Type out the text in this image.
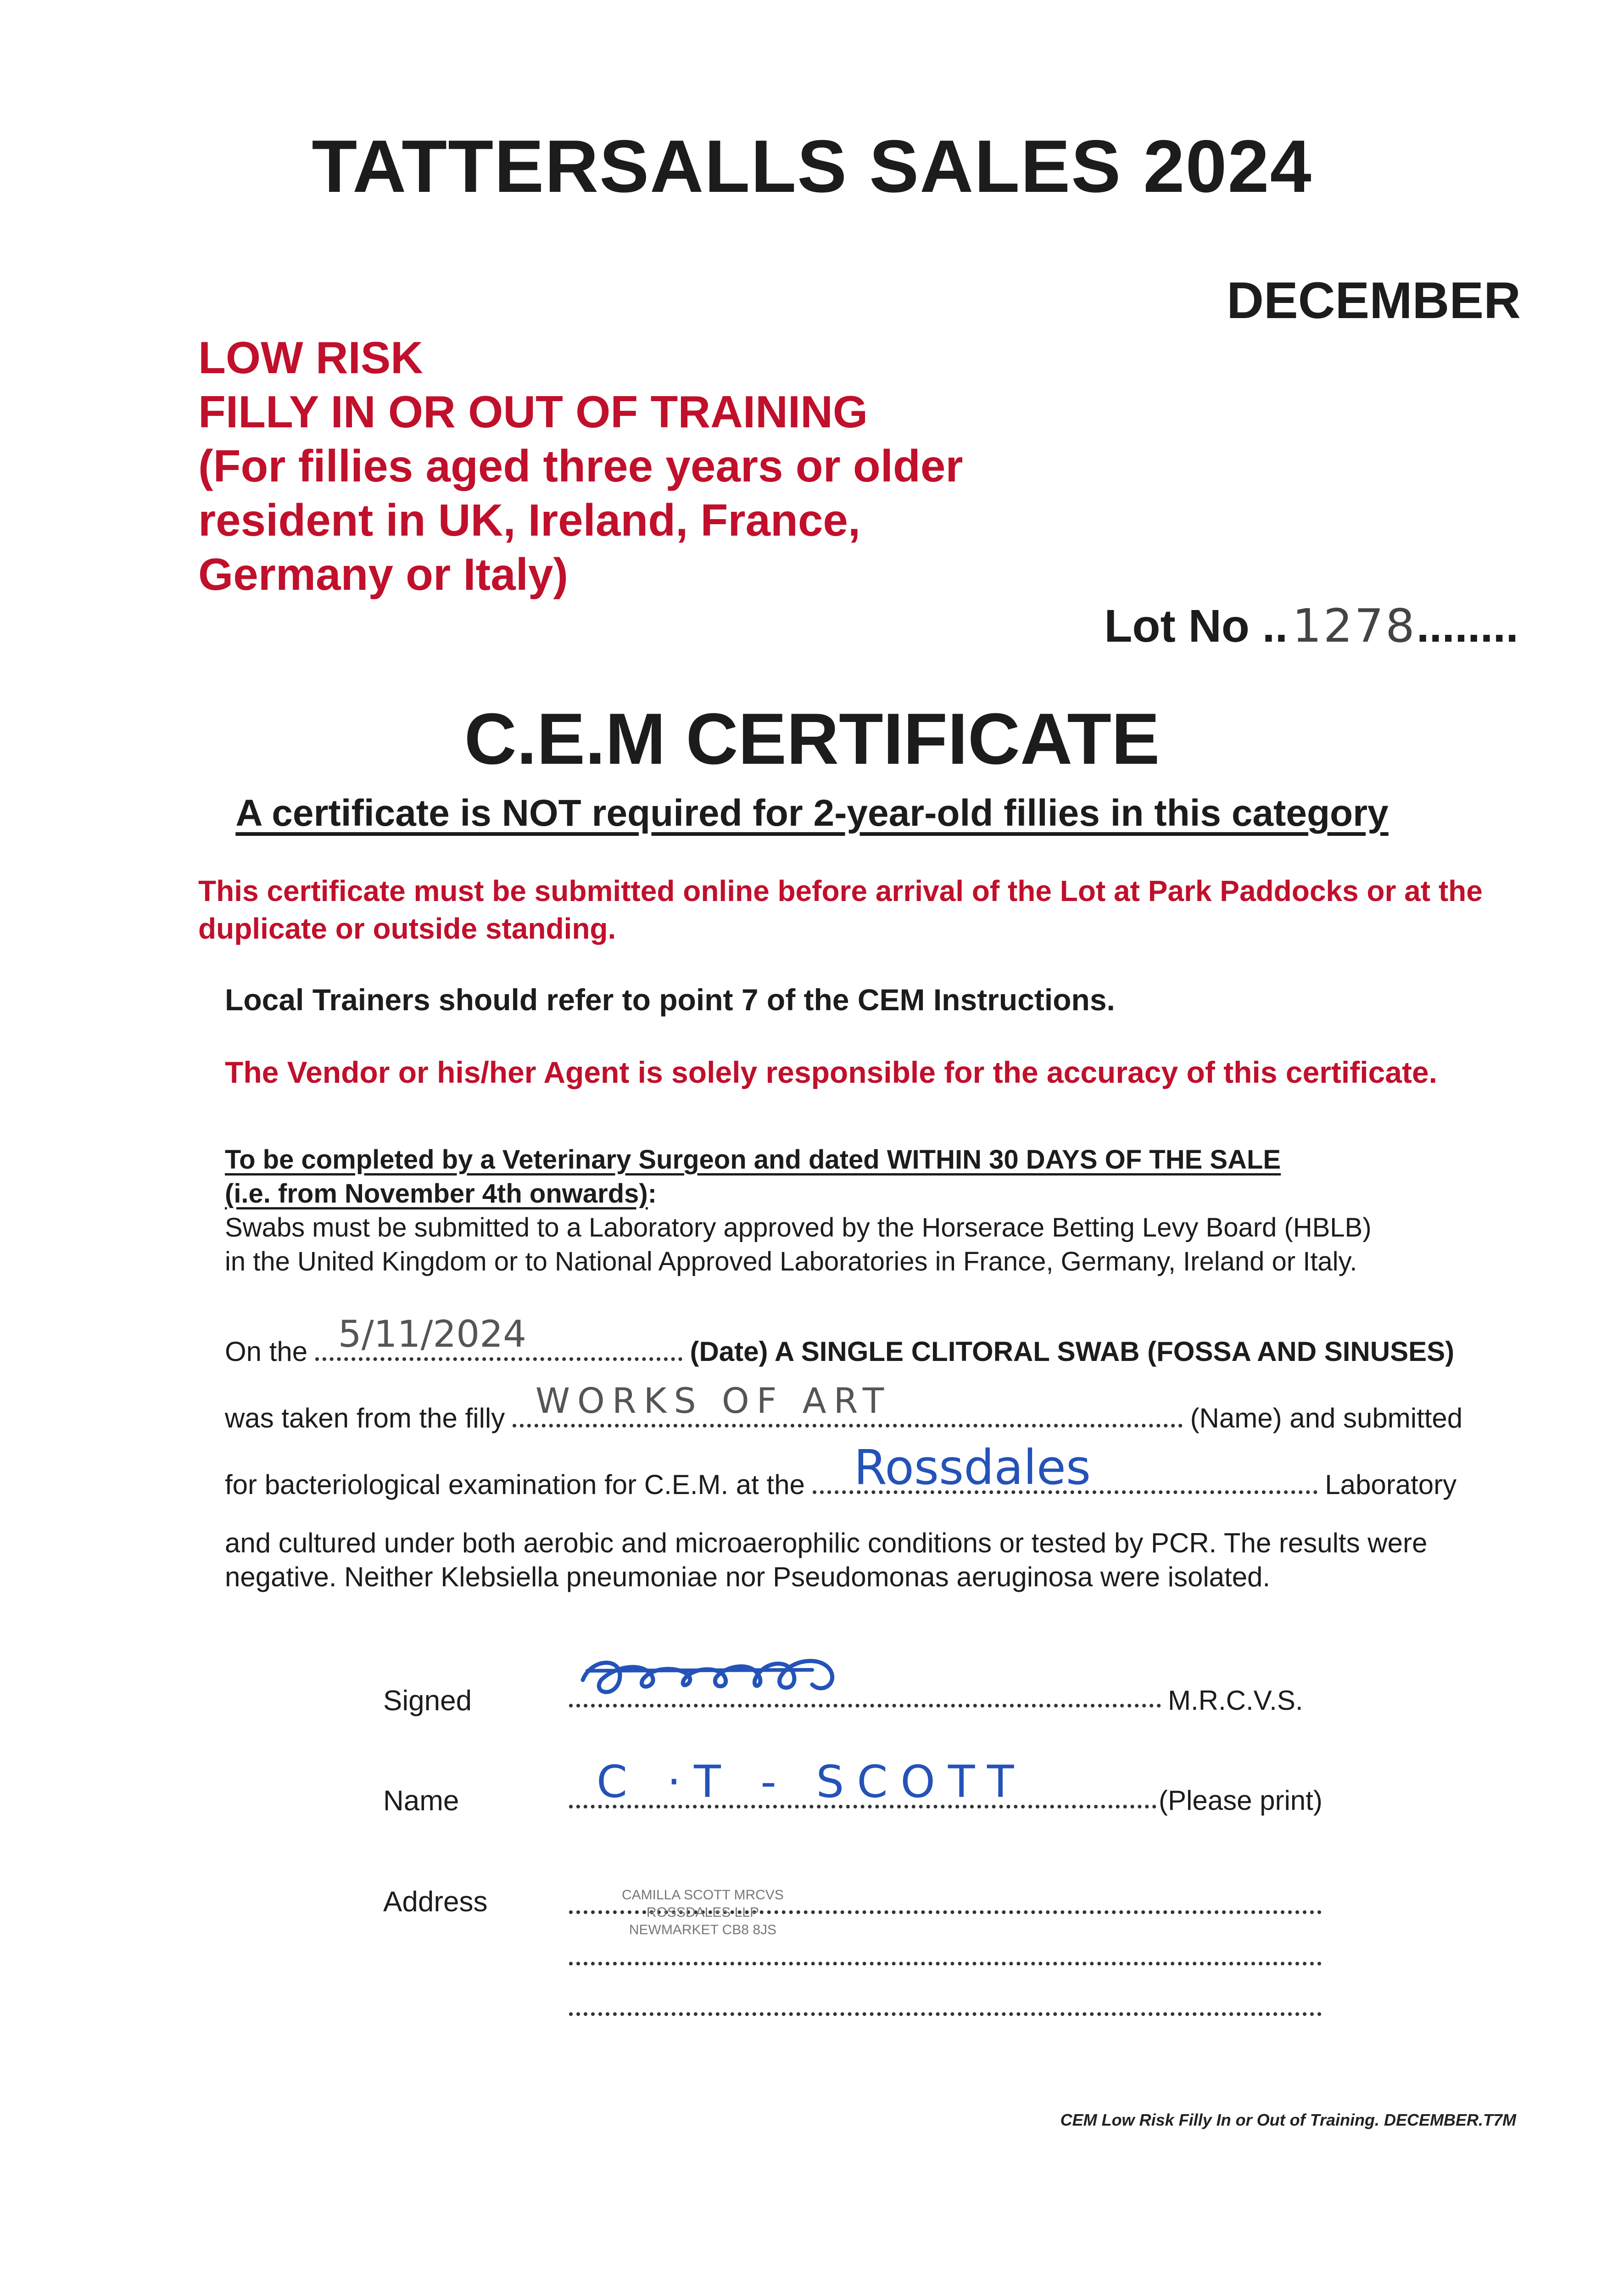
TATTERSALLS SALES 2024
DECEMBER
LOW RISK
FILLY IN OR OUT OF TRAINING
(For fillies aged three years or older
resident in UK, Ireland, France,
Germany or Italy)
Lot No .. 1278........
C.E.M CERTIFICATE
A certificate is NOT required for 2-year-old fillies in this category
This certificate must be submitted online before arrival of the Lot at Park Paddocks or at the duplicate or outside standing.
Local Trainers should refer to point 7 of the CEM Instructions.
The Vendor or his/her Agent is solely responsible for the accuracy of this certificate.
To be completed by a Veterinary Surgeon and dated WITHIN 30 DAYS OF THE SALE
(i.e. from November 4th onwards):
Swabs must be submitted to a Laboratory approved by the Horserace Betting Levy Board (HBLB)
in the United Kingdom or to National Approved Laboratories in France, Germany, Ireland or Italy.
On the 5/11/2024	(Date) A SINGLE CLITORAL SWAB (FOSSA AND SINUSES)
was taken from the filly WORKS OF ART	(Name) and submitted
for bacteriological examination for C.E.M. at the Rossdales	Laboratory
and cultured under both aerobic and microaerophilic conditions or tested by PCR. The results were negative. Neither Klebsiella pneumoniae nor Pseudomonas aeruginosa were isolated.
Signed	M.R.C.V.S.
Name	C ·T - SCOTT	(Please print)
Address	CAMILLA SCOTT MRCVS
ROSSDALES LLP
NEWMARKET CB8 8JS
CEM Low Risk Filly In or Out of Training. DECEMBER.T7M
